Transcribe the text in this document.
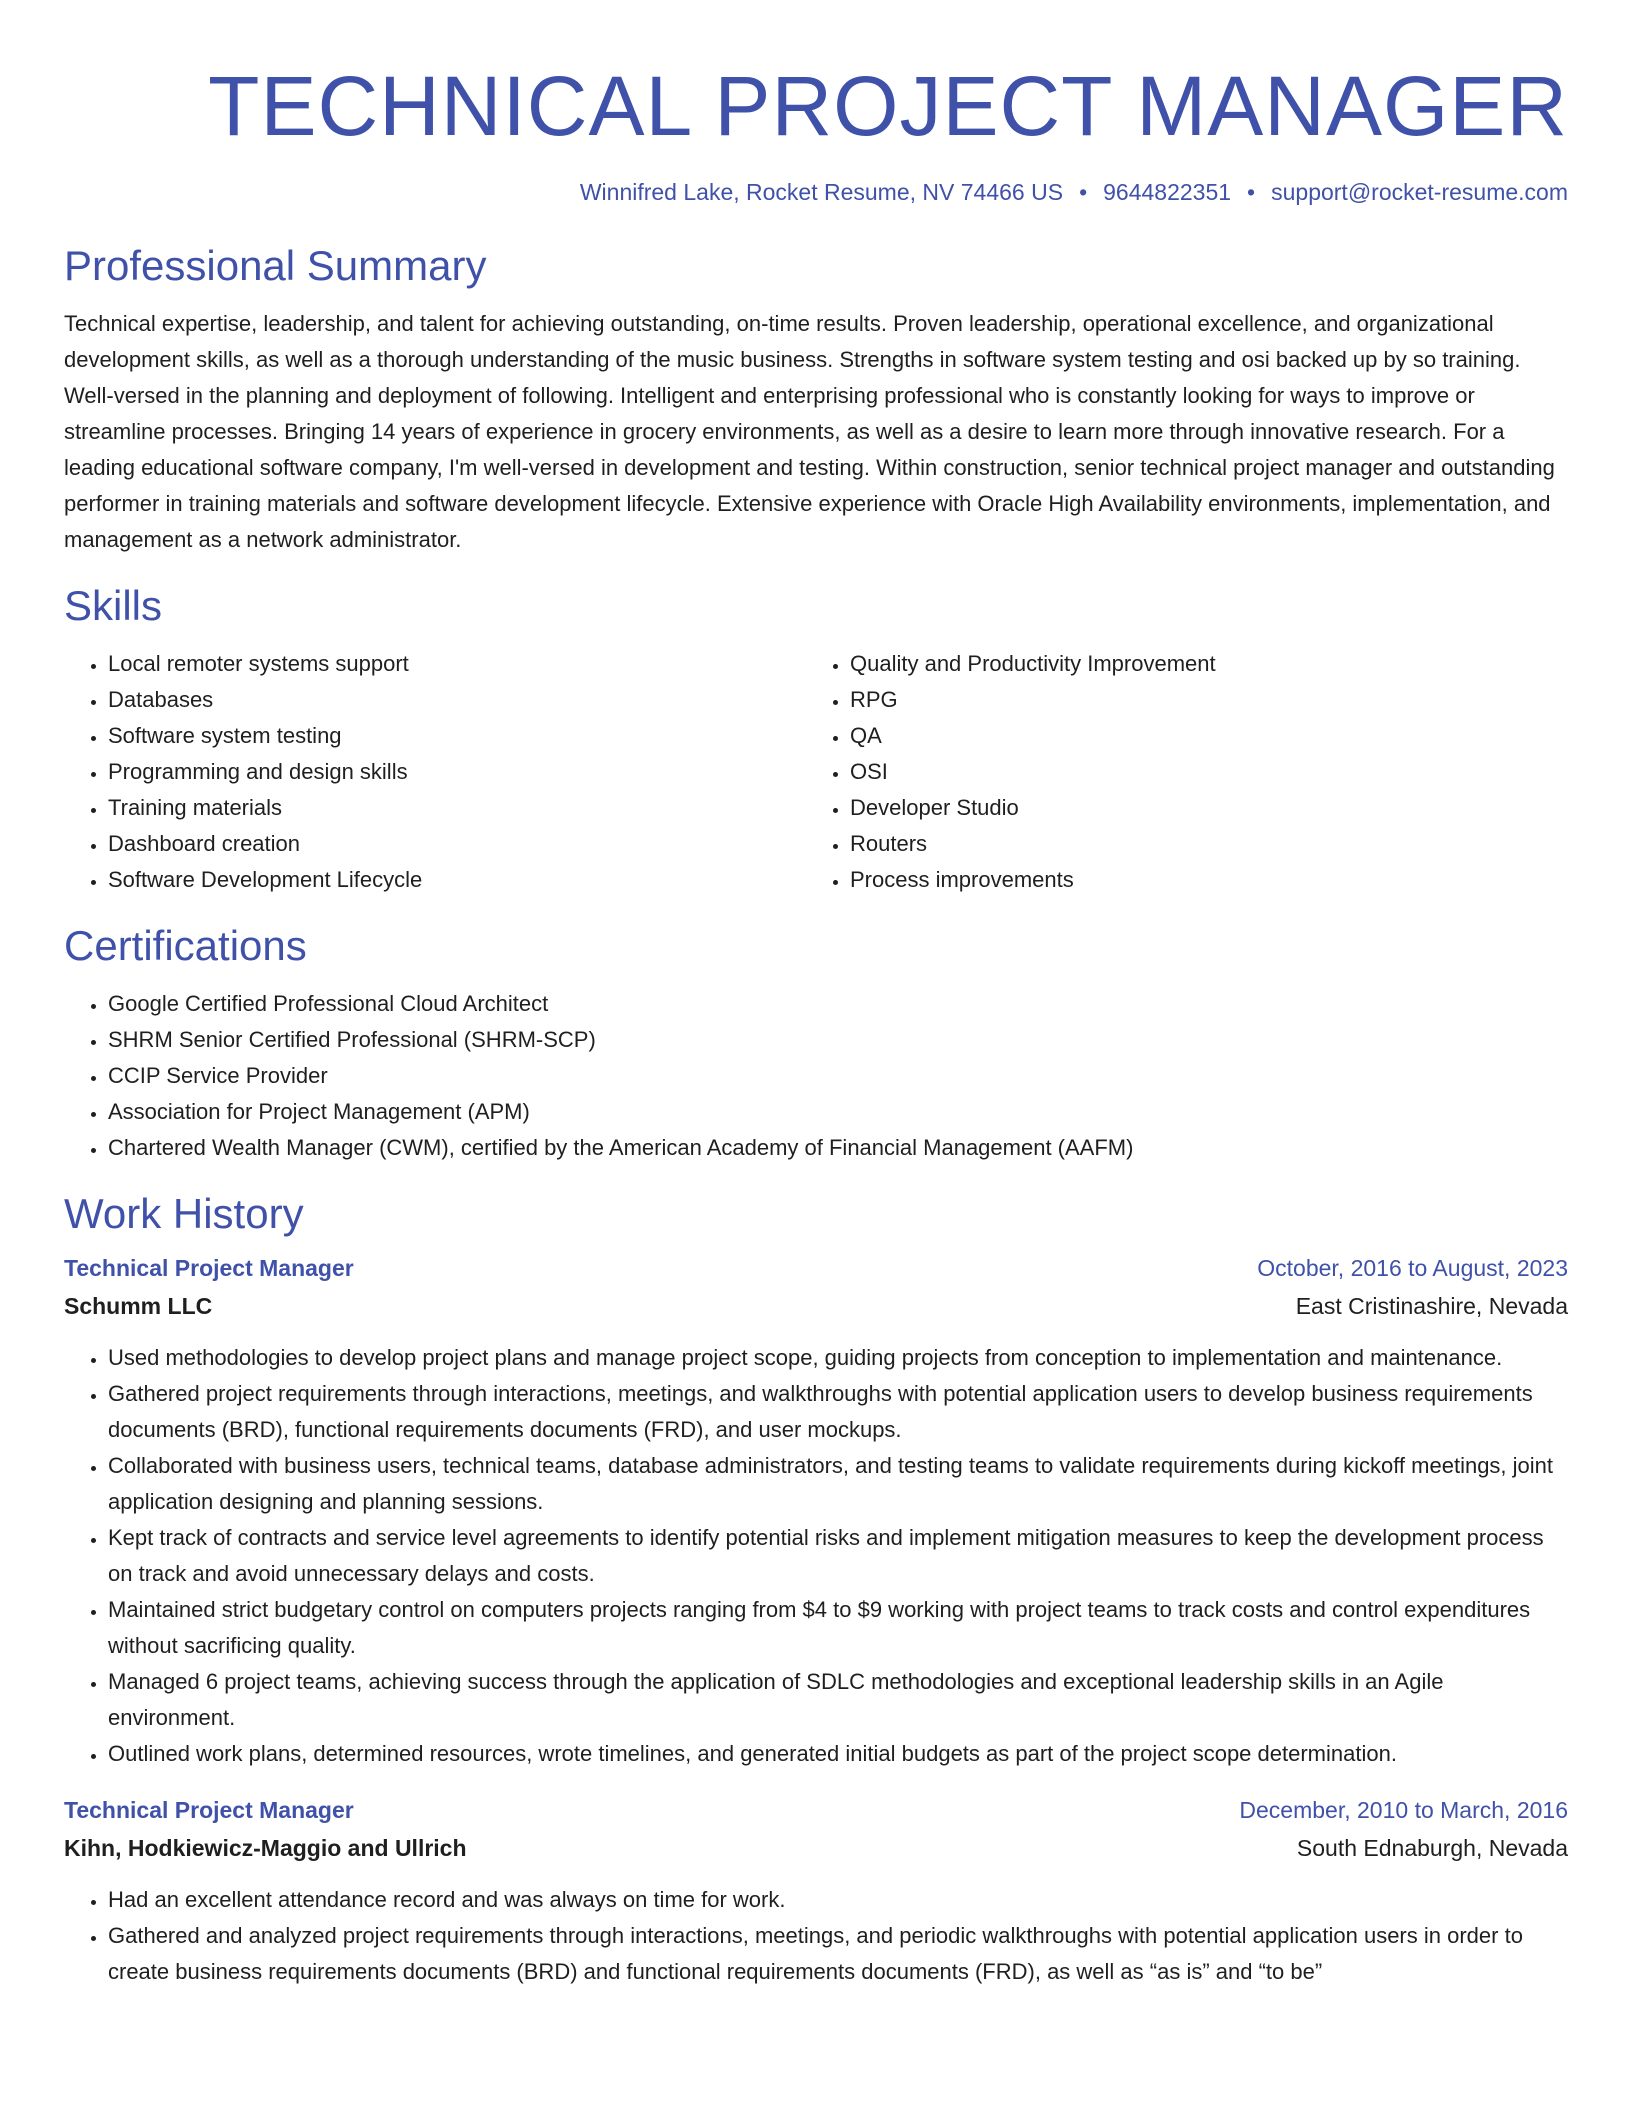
TECHNICAL PROJECT MANAGER
Winnifred Lake, Rocket Resume, NV 74466 US • 9644822351 • support@rocket-resume.com
Professional Summary

Technical expertise, leadership, and talent for achieving outstanding, on-time results. Proven leadership, operational excellence, and organizational development skills, as well as a thorough understanding of the music business. Strengths in software system testing and osi backed up by so training. Well-versed in the planning and deployment of following. Intelligent and enterprising professional who is constantly looking for ways to improve or streamline processes. Bringing 14 years of experience in grocery environments, as well as a desire to learn more through innovative research. For a leading educational software company, I'm well-versed in development and testing. Within construction, senior technical project manager and outstanding performer in training materials and software development lifecycle. Extensive experience with Oracle High Availability environments, implementation, and management as a network administrator.

Skills
• Local remoter systems support
• Databases
• Software system testing
• Programming and design skills
• Training materials
• Dashboard creation
• Software Development Lifecycle
• Quality and Productivity Improvement
• RPG
• QA
• OSI
• Developer Studio
• Routers
• Process improvements
Certifications
• Google Certified Professional Cloud Architect
• SHRM Senior Certified Professional (SHRM-SCP)
• CCIP Service Provider
• Association for Project Management (APM)
• Chartered Wealth Manager (CWM), certified by the American Academy of Financial Management (AAFM)
Work History
Technical Project Manager	October, 2016 to August, 2023
Schumm LLC	East Cristinashire, Nevada
• Used methodologies to develop project plans and manage project scope, guiding projects from conception to implementation and maintenance.
• Gathered project requirements through interactions, meetings, and walkthroughs with potential application users to develop business requirements documents (BRD), functional requirements documents (FRD), and user mockups.
• Collaborated with business users, technical teams, database administrators, and testing teams to validate requirements during kickoff meetings, joint application designing and planning sessions.
• Kept track of contracts and service level agreements to identify potential risks and implement mitigation measures to keep the development process on track and avoid unnecessary delays and costs.
• Maintained strict budgetary control on computers projects ranging from $4 to $9 working with project teams to track costs and control expenditures without sacrificing quality.
• Managed 6 project teams, achieving success through the application of SDLC methodologies and exceptional leadership skills in an Agile environment.
• Outlined work plans, determined resources, wrote timelines, and generated initial budgets as part of the project scope determination.
Technical Project Manager	December, 2010 to March, 2016
Kihn, Hodkiewicz-Maggio and Ullrich	South Ednaburgh, Nevada
• Had an excellent attendance record and was always on time for work.
• Gathered and analyzed project requirements through interactions, meetings, and periodic walkthroughs with potential application users in order to create business requirements documents (BRD) and functional requirements documents (FRD), as well as “as is” and “to be”
